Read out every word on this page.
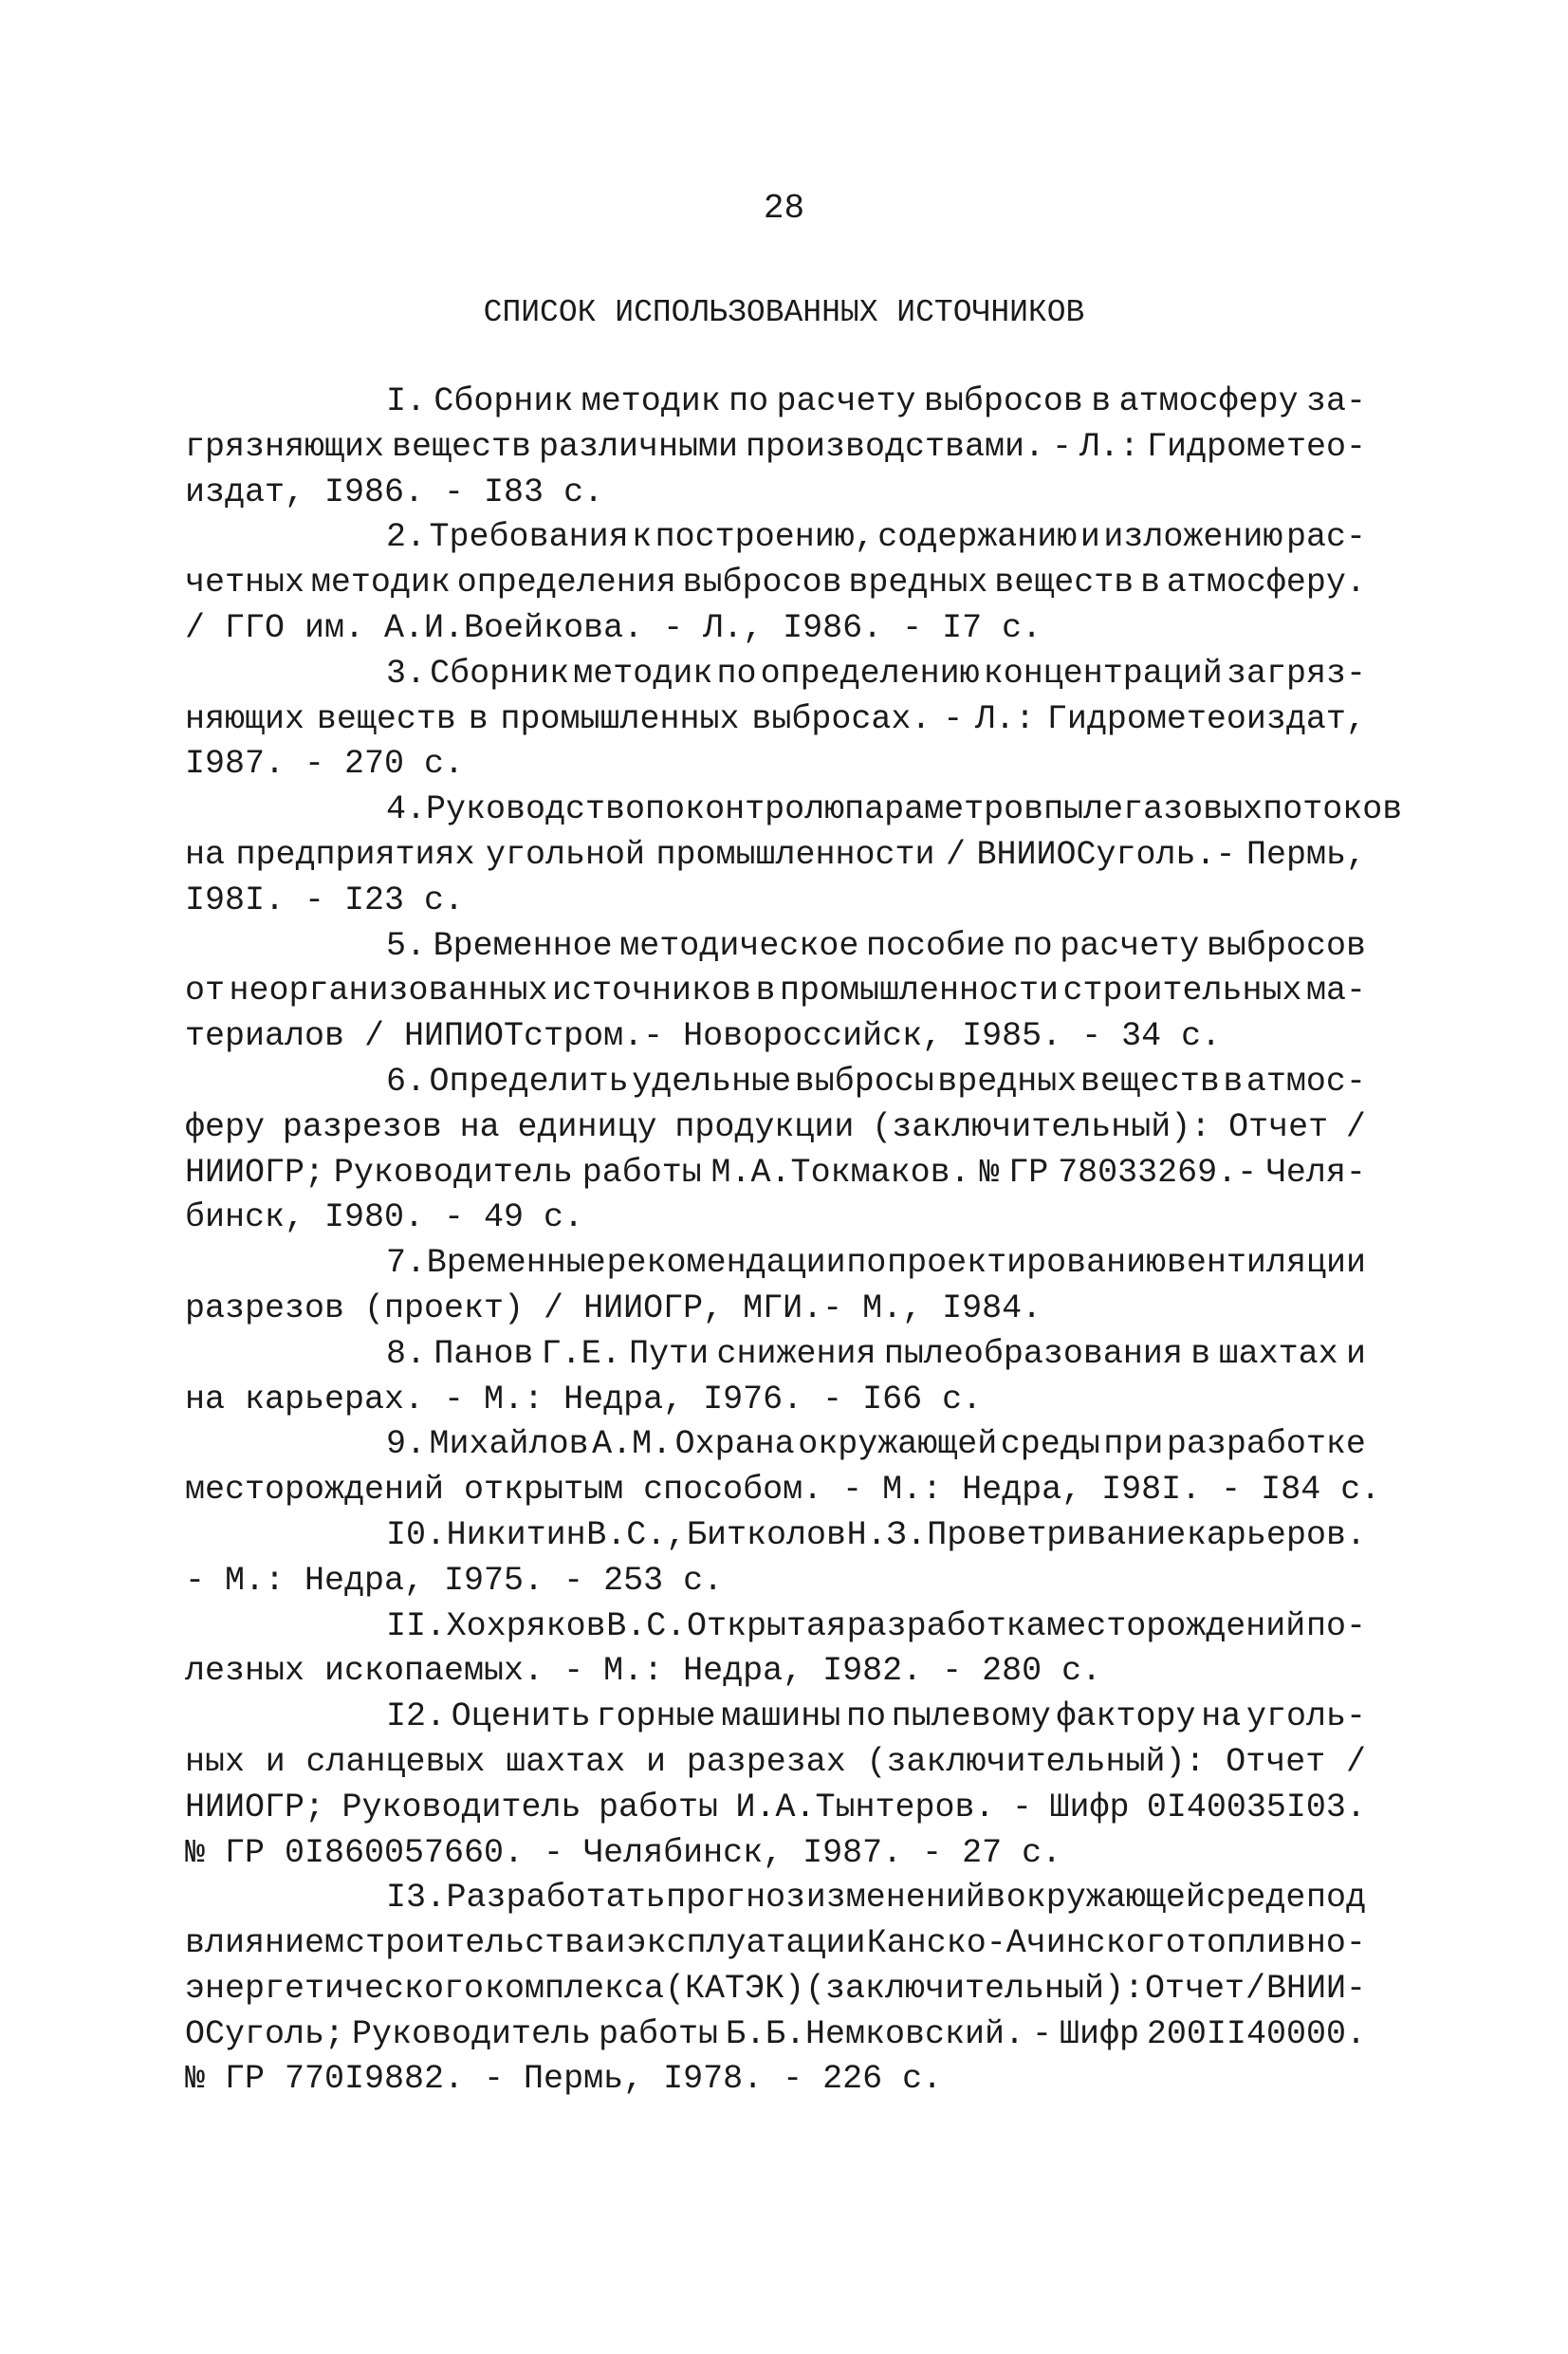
28
СПИСОК ИСПОЛЬЗОВАННЫХ ИСТОЧНИКОВ
I. Сборник методик по расчету выбросов в атмосферу за-
грязняющих веществ различными производствами. - Л.: Гидрометео-
издат, I986. - I83 с.
2. Требования к построению, содержанию и изложению рас-
четных методик определения выбросов вредных веществ в атмосферу.
/ ГГО им. А.И.Воейкова. - Л., I986. - I7 с.
3. Сборник методик по определению концентраций загряз-
няющих веществ в промышленных выбросах. - Л.: Гидрометеоиздат,
I987. - 270 с.
4.Руководство по контролю параметров пылегазовых потоков
на предприятиях угольной промышленности / ВНИИОСуголь.- Пермь,
I98I. - I23 с.
5. Временное методическое пособие по расчету выбросов
от неорганизованных источников в промышленности строительных ма-
териалов / НИПИОТстром.- Новороссийск, I985. - 34 с.
6. Определить удельные выбросы вредных веществ в атмос-
феру разрезов на единицу продукции (заключительный): Отчет /
НИИОГР; Руководитель работы М.А.Токмаков. № ГР 78033269.- Челя-
бинск, I980. - 49 с.
7. Временные рекомендации по проектированию вентиляции
разрезов (проект) / НИИОГР, МГИ.- М., I984.
8. Панов Г.Е. Пути снижения пылеобразования в шахтах и
на карьерах. - М.: Недра, I976. - I66 с.
9. Михайлов А.М. Охрана окружающей среды при разработке
месторождений открытым способом. - М.: Недра, I98I. - I84 с.
I0. Никитин В.С., Битколов Н.З. Проветривание карьеров.
- М.: Недра, I975. - 253 с.
II. Хохряков В.С. Открытая разработка месторождений по-
лезных ископаемых. - М.: Недра, I982. - 280 с.
I2. Оценить горные машины по пылевому фактору на уголь-
ных и сланцевых шахтах и разрезах (заключительный): Отчет /
НИИОГР; Руководитель работы И.А.Тынтеров. - Шифр 0I40035I03.
№ ГР 0I860057660. - Челябинск, I987. - 27 с.
I3. Разработать прогноз изменений в окружающей среде под
влиянием строительства и эксплуатации Канско-Ачинского топливно-
энергетического комплекса (КАТЭК) (заключительный): Отчет / ВНИИ-
ОСуголь; Руководитель работы Б.Б.Немковский. - Шифр 200II40000.
№ ГР 770I9882. - Пермь, I978. - 226 с.
